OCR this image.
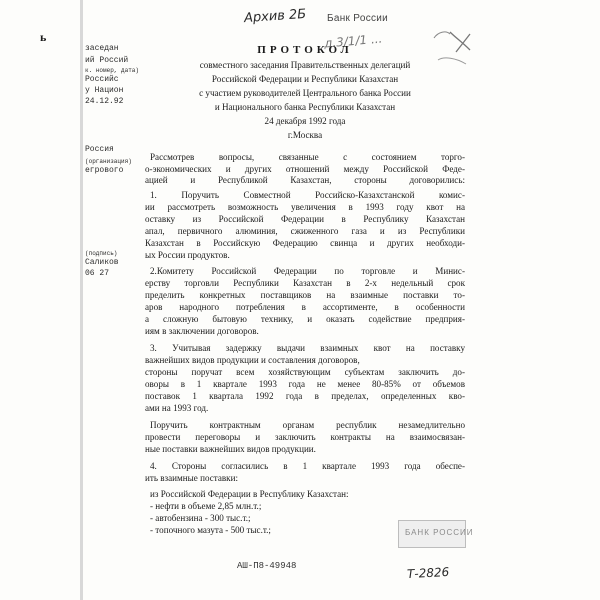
Архив 2Б Банк России
д.3/1/1 ...
ь
заседан
ий Россий
к. номер, дата)
Российс
у Национ
24.12.92
Россия
(организация)
егрового
(подпись)
Саликов
06 27
ПРОТОКОЛ
совместного заседания Правительственных делегаций
Российской Федерации и Республики Казахстан
с участием руководителей Центрального банка России
и Национального банка Республики Казахстан
24 декабря 1992 года
г.Москва
Рассмотрев вопросы, связанные с состоянием торго-
о-экономических и других отношений между Российской Феде-
ацией и Республикой Казахстан, стороны договорились:
1. Поручить Совместной Российско-Казахстанской комис-
ии рассмотреть возможность увеличения в 1993 году квот на
оставку из Российской Федерации в Республику Казахстан
апал, первичного алюминия, сжиженного газа и из Республики
Казахстан в Российскую Федерацию свинца и других необходи-
ых России продуктов.
2.Комитету Российской Федерации по торговле и Минис-
ерству торговли Республики Казахстан в 2-х недельный срок
пределить конкретных поставщиков на взаимные поставки то-
аров народного потребления в ассортименте, в особенности
а сложную бытовую технику, и оказать содействие предприя-
иям в заключении договоров.
3. Учитывая задержку выдачи взаимных квот на поставку
важнейших видов продукции и составления договоров,
стороны поручат всем хозяйствующим субъектам заключить до-
оворы в 1 квартале 1993 года не менее 80-85% от объемов
поставок 1 квартала 1992 года в пределах, определенных кво-
ами на 1993 год.
Поручить контрактным органам республик незамедлительно
провести переговоры и заключить контракты на взаимосвязан-
ные поставки важнейших видов продукции.
4. Стороны согласились в 1 квартале 1993 года обеспе-
ить взаимные поставки:
из Российской Федерации в Республику Казахстан:
- нефти в объеме 2,85 млн.т.;
- автобензина - 300 тыс.т.;
- топочного мазута - 500 тыс.т.;	БАНК РОССИИ
АШ-П8-49948	Т-2826
